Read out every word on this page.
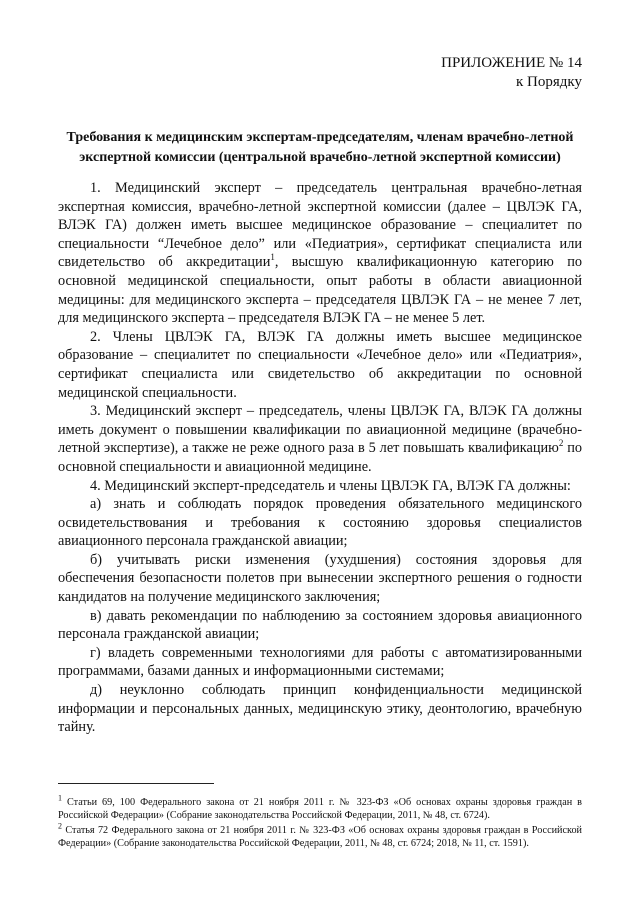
ПРИЛОЖЕНИЕ № 14
к Порядку
Требования к медицинским экспертам-председателям, членам врачебно-летной
экспертной комиссии (центральной врачебно-летной экспертной комиссии)

1. Медицинский эксперт – председатель центральная врачебно-летная экспертная комиссия, врачебно-летной экспертной комиссии (далее – ЦВЛЭК ГА, ВЛЭК ГА) должен иметь высшее медицинское образование – специалитет по специальности “Лечебное дело” или «Педиатрия», сертификат специалиста или свидетельство об аккредитации$^1$, высшую квалификационную категорию по основной медицинской специальности, опыт работы в области авиационной медицины: для медицинского эксперта – председателя ЦВЛЭК ГА – не менее 7 лет, для медицинского эксперта – председателя ВЛЭК ГА – не менее 5 лет.

2. Члены ЦВЛЭК ГА, ВЛЭК ГА должны иметь высшее медицинское образование – специалитет по специальности «Лечебное дело» или «Педиатрия», сертификат специалиста или свидетельство об аккредитации по основной медицинской специальности.

3. Медицинский эксперт – председатель, члены ЦВЛЭК ГА, ВЛЭК ГА должны иметь документ о повышении квалификации по авиационной медицине (врачебно-летной экспертизе), а также не реже одного раза в 5 лет повышать квалификацию$^2$ по основной специальности и авиационной медицине.

4. Медицинский эксперт-председатель и члены ЦВЛЭК ГА, ВЛЭК ГА должны:

а) знать и соблюдать порядок проведения обязательного медицинского освидетельствования и требования к состоянию здоровья специалистов авиационного персонала гражданской авиации;

б) учитывать риски изменения (ухудшения) состояния здоровья для обеспечения безопасности полетов при вынесении экспертного решения о годности кандидатов на получение медицинского заключения;

в) давать рекомендации по наблюдению за состоянием здоровья авиационного персонала гражданской авиации;

г) владеть современными технологиями для работы с автоматизированными программами, базами данных и информационными системами;

д) неуклонно соблюдать принцип конфиденциальности медицинской информации и персональных данных, медицинскую этику, деонтологию, врачебную тайну.

$^1$ Статьи 69, 100 Федерального закона от 21 ноября 2011 г. № 323-ФЗ «Об основах охраны здоровья граждан в Российской Федерации» (Собрание законодательства Российской Федерации, 2011, № 48, ст. 6724).

$^2$ Статья 72 Федерального закона от 21 ноября 2011 г. № 323-ФЗ «Об основах охраны здоровья граждан в Российской Федерации» (Собрание законодательства Российской Федерации, 2011, № 48, ст. 6724; 2018, № 11, ст. 1591).
